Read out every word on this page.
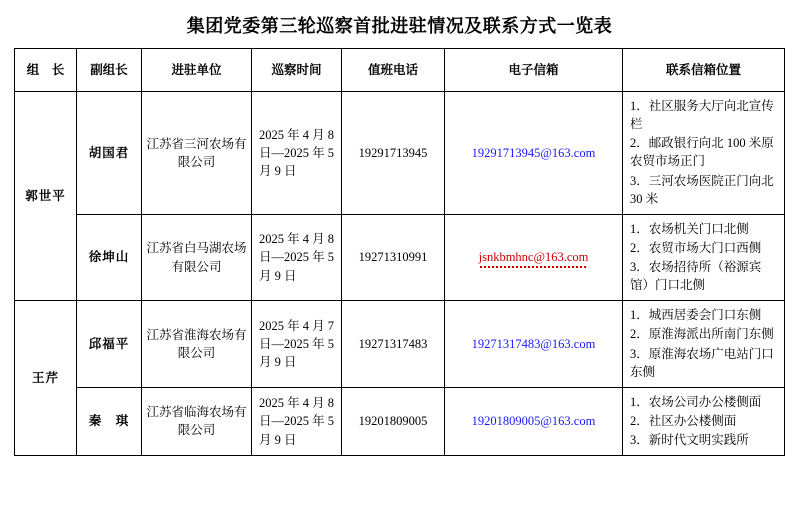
集团党委第三轮巡察首批进驻情况及联系方式一览表
组　长	副组长	进驻单位	巡察时间	值班电话	电子信箱	联系信箱位置
郭世平	胡国君	江苏省三河农场有限公司	2025 年 4 月 8 日—2025 年 5 月 9 日	19291713945	19291713945@163.com	
1．社区服务大厅向北宣传栏
2．邮政银行向北 100 米原农贸市场正门
3．三河农场医院正门向北 30 米

徐坤山	江苏省白马湖农场有限公司	2025 年 4 月 8 日—2025 年 5 月 9 日	19271310991	jsnkbmhnc@163.com	
1．农场机关门口北侧
2．农贸市场大门口西侧
3．农场招待所（裕源宾馆）门口北侧

王芹	邱福平	江苏省淮海农场有限公司	2025 年 4 月 7 日—2025 年 5 月 9 日	19271317483	19271317483@163.com	
1．城西居委会门口东侧
2．原淮海派出所南门东侧
3．原淮海农场广电站门口东侧

秦　琪	江苏省临海农场有限公司	2025 年 4 月 8 日—2025 年 5 月 9 日	19201809005	19201809005@163.com	
1．农场公司办公楼侧面
2．社区办公楼侧面
3．新时代文明实践所
